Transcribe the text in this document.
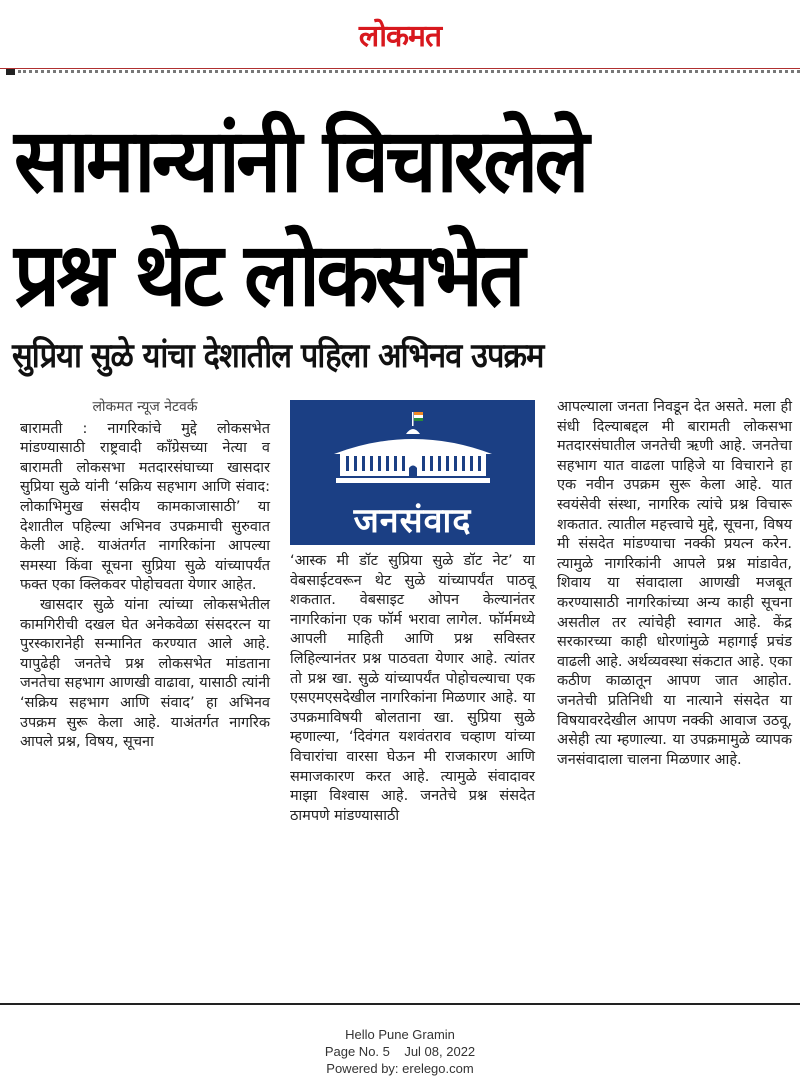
लोकमत
सामान्यांनी विचारलेले
प्रश्न थेट लोकसभेत
सुप्रिया सुळे यांचा देशातील पहिला अभिनव उपक्रम
लोकमत न्यूज नेटवर्क

बारामती : नागरिकांचे मुद्दे लोकसभेत मांडण्यासाठी राष्ट्रवादी काँग्रेसच्या नेत्या व बारामती लोकसभा मतदारसंघाच्या खासदार सुप्रिया सुळे यांनी ‘सक्रिय सहभाग आणि संवाद: लोकाभिमुख संसदीय कामकाजासाठी’ या देशातील पहिल्या अभिनव उपक्रमाची सुरुवात केली आहे. याअंतर्गत नागरिकांना आपल्या समस्या किंवा सूचना सुप्रिया सुळे यांच्यापर्यंत फक्त एका क्लिकवर पोहोचवता येणार आहेत.

खासदार सुळे यांना त्यांच्या लोकसभेतील कामगिरीची दखल घेत अनेकवेळा संसदरत्न या पुरस्कारानेही सन्मानित करण्यात आले आहे. यापुढेही जनतेचे प्रश्न लोकसभेत मांडताना जनतेचा सहभाग आणखी वाढावा, यासाठी त्यांनी ‘सक्रिय सहभाग आणि संवाद’ हा अभिनव उपक्रम सुरू केला आहे. याअंतर्गत नागरिक आपले प्रश्न, विषय, सूचना

जनसंवाद

‘आस्क मी डॉट सुप्रिया सुळे डॉट नेट’ या वेबसाईटवरून थेट सुळे यांच्यापर्यंत पाठवू शकतात. वेबसाइट ओपन केल्यानंतर नागरिकांना एक फॉर्म भरावा लागेल. फॉर्ममध्ये आपली माहिती आणि प्रश्न सविस्तर लिहिल्यानंतर प्रश्न पाठवता येणार आहे. त्यांतर तो प्रश्न खा. सुळे यांच्यापर्यंत पोहोचल्याचा एक एसएमएसदेखील नागरिकांना मिळणार आहे. या उपक्रमाविषयी बोलताना खा. सुप्रिया सुळे म्हणाल्या, ‘दिवंगत यशवंतराव चव्हाण यांच्या विचारांचा वारसा घेऊन मी राजकारण आणि समाजकारण करत आहे. त्यामुळे संवादावर माझा विश्वास आहे. जनतेचे प्रश्न संसदेत ठामपणे मांडण्यासाठी

आपल्याला जनता निवडून देत असते. मला ही संधी दिल्याबद्दल मी बारामती लोकसभा मतदारसंघातील जनतेची ऋणी आहे. जनतेचा सहभाग यात वाढला पाहिजे या विचाराने हा एक नवीन उपक्रम सुरू केला आहे. यात स्वयंसेवी संस्था, नागरिक त्यांचे प्रश्न विचारू शकतात. त्यातील महत्त्वाचे मुद्दे, सूचना, विषय मी संसदेत मांडण्याचा नक्की प्रयत्न करेन. त्यामुळे नागरिकांनी आपले प्रश्न मांडावेत, शिवाय या संवादाला आणखी मजबूत करण्यासाठी नागरिकांच्या अन्य काही सूचना असतील तर त्यांचेही स्वागत आहे. केंद्र सरकारच्या काही धोरणांमुळे महागाई प्रचंड वाढली आहे. अर्थव्यवस्था संकटात आहे. एका कठीण काळातून आपण जात आहोत. जनतेची प्रतिनिधी या नात्याने संसदेत या विषयावरदेखील आपण नक्की आवाज उठवू, असेही त्या म्हणाल्या. या उपक्रमामुळे व्यापक जनसंवादाला चालना मिळणार आहे.

Hello Pune Gramin
Page No. 5 Jul 08, 2022
Powered by: erelego.com
